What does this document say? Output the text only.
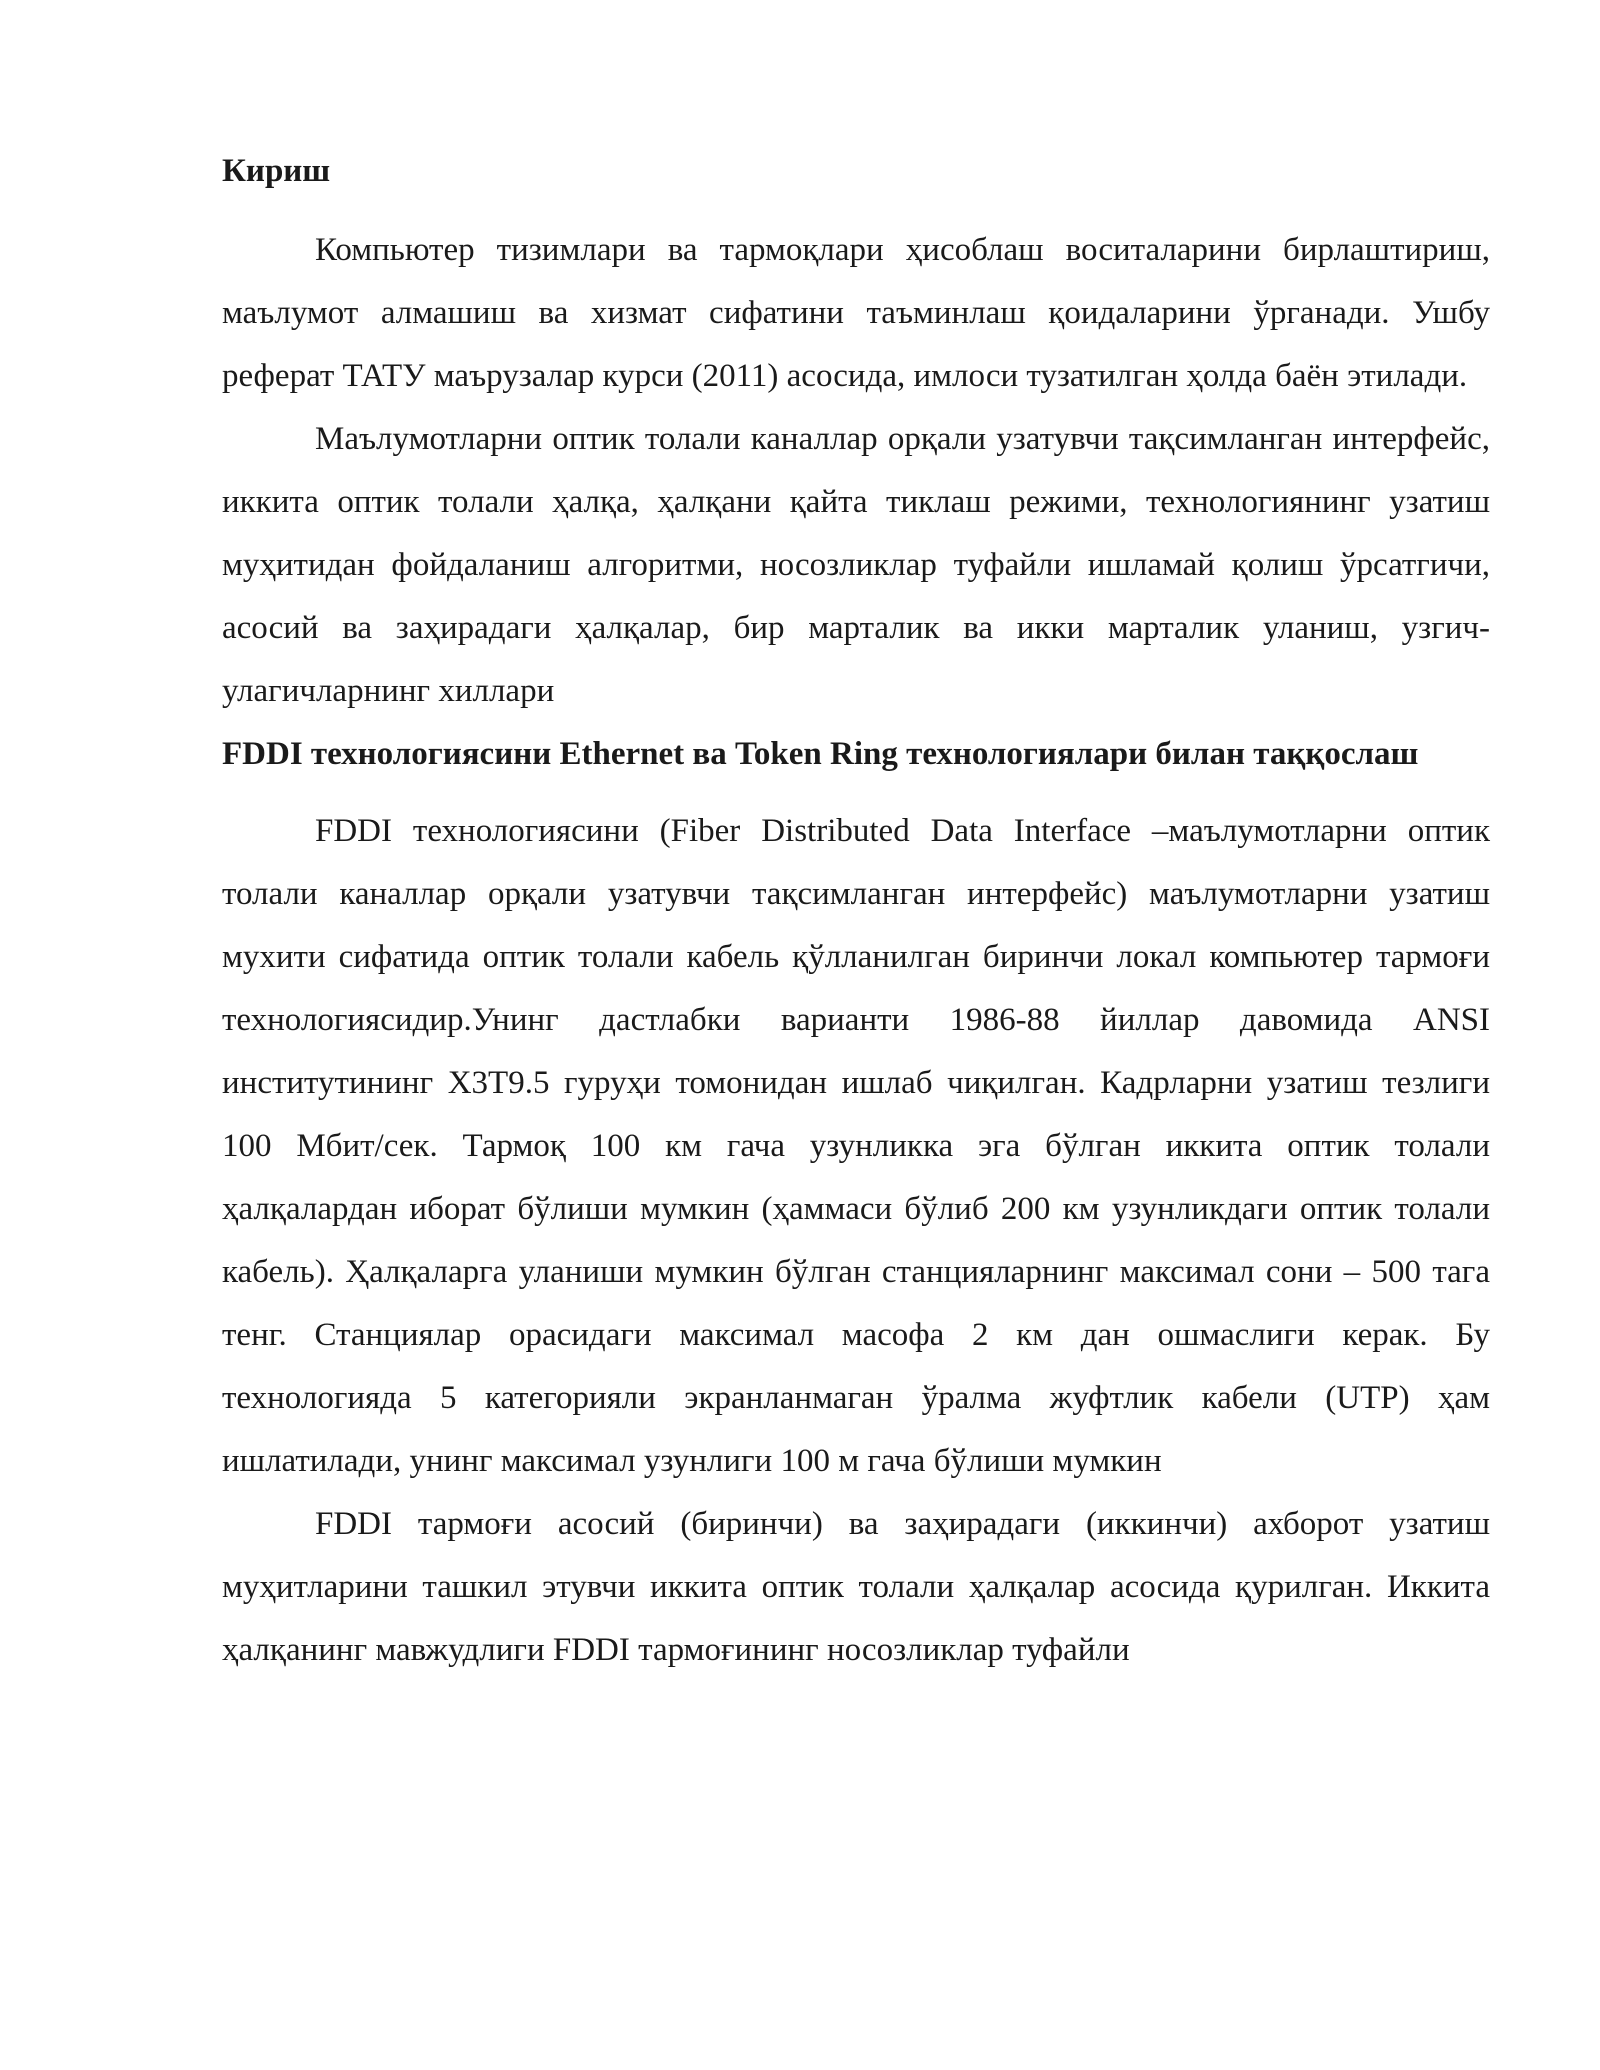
Кириш

Компьютер тизимлари ва тармоқлари ҳисоблаш воситаларини бирлаштириш, маълумот алмашиш ва хизмат сифатини таъминлаш қоидаларини ўрганади. Ушбу реферат ТАТУ маърузалар курси (2011) асосида, имлоси тузатилган ҳолда баён этилади.

Маълумотларни оптик толали каналлар орқали узатувчи тақсимланган интерфейс, иккита оптик толали ҳалқа, ҳалқани қайта тиклаш режими, технологиянинг узатиш муҳитидан фойдаланиш алгоритми, носозликлар туфайли ишламай қолиш ўрсатгичи, асосий ва заҳирадаги ҳалқалар, бир марталик ва икки марталик уланиш, узгич-улагичларнинг хиллари

FDDI технологиясини Ethernet ва Token Ring технологиялари билан таққослаш

FDDI технологиясини (Fiber Distributed Data Interface –маълумотларни оптик толали каналлар орқали узатувчи тақсимланган интерфейс) маълумотларни узатиш мухити сифатида оптик толали кабель қўлланилган биринчи локал компьютер тармоғи технологиясидир.Унинг дастлабки варианти 1986-88 йиллар давомида ANSI институтининг X3T9.5 гуруҳи томонидан ишлаб чиқилган. Кадрларни узатиш тезлиги 100 Мбит/сек. Тармоқ 100 км гача узунликка эга бўлган иккита оптик толали ҳалқалардан иборат бўлиши мумкин (ҳаммаси бўлиб 200 км узунликдаги оптик толали кабель). Ҳалқаларга уланиши мумкин бўлган станцияларнинг максимал сони – 500 тага тенг. Станциялар орасидаги максимал масофа 2 км дан ошмаслиги керак. Бу технологияда 5 категорияли экранланмаган ўралма жуфтлик кабели (UTP) ҳам ишлатилади, унинг максимал узунлиги 100 м гача бўлиши мумкин

FDDI тармоғи асосий (биринчи) ва заҳирадаги (иккинчи) ахборот узатиш муҳитларини ташкил этувчи иккита оптик толали ҳалқалар асосида қурилган. Иккита ҳалқанинг мавжудлиги FDDI тармоғининг носозликлар туфайли
